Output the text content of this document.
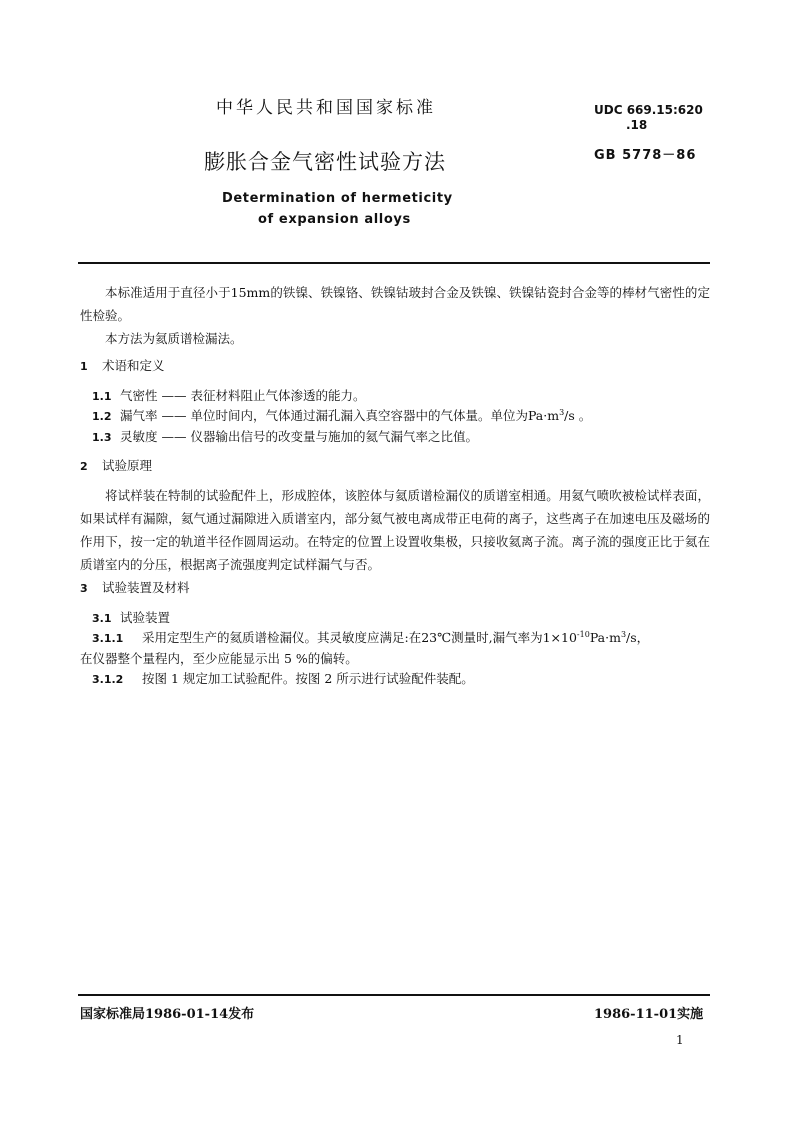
中华人民共和国国家标准
膨胀合金气密性试验方法
UDC 669.15:620
.18
GB 5778－86
Determination of hermeticity
of expansion alloys
本标准适用于直径小于15mm的铁镍、铁镍铬、铁镍钴玻封合金及铁镍、铁镍钴瓷封合金等的棒材气密性的定性检验。
本方法为氦质谱检漏法。
1 术语和定义
1.1 气密性 —— 表征材料阻止气体渗透的能力。
1.2 漏气率 —— 单位时间内，气体通过漏孔漏入真空容器中的气体量。单位为$Pa\cdot m^3/s$ 。
1.3 灵敏度 —— 仪器输出信号的改变量与施加的氦气漏气率之比值。
2 试验原理
将试样装在特制的试验配件上，形成腔体，该腔体与氦质谱检漏仪的质谱室相通。用氦气喷吹被检试样表面，如果试样有漏隙，氦气通过漏隙进入质谱室内，部分氦气被电离成带正电荷的离子，这些离子在加速电压及磁场的作用下，按一定的轨道半径作圆周运动。在特定的位置上设置收集极，只接收氦离子流。离子流的强度正比于氦在质谱室内的分压，根据离子流强度判定试样漏气与否。
3 试验装置及材料
3.1 试验装置
3.1.1 采用定型生产的氦质谱检漏仪。其灵敏度应满足:在23℃测量时,漏气率为$1\times 10^{-10}Pa\cdot m^3/s$，
在仪器整个量程内，至少应能显示出 5 %的偏转。
3.1.2 按图 1 规定加工试验配件。按图 2 所示进行试验配件装配。
国家标准局1986-01-14发布	1986-11-01实施
1
